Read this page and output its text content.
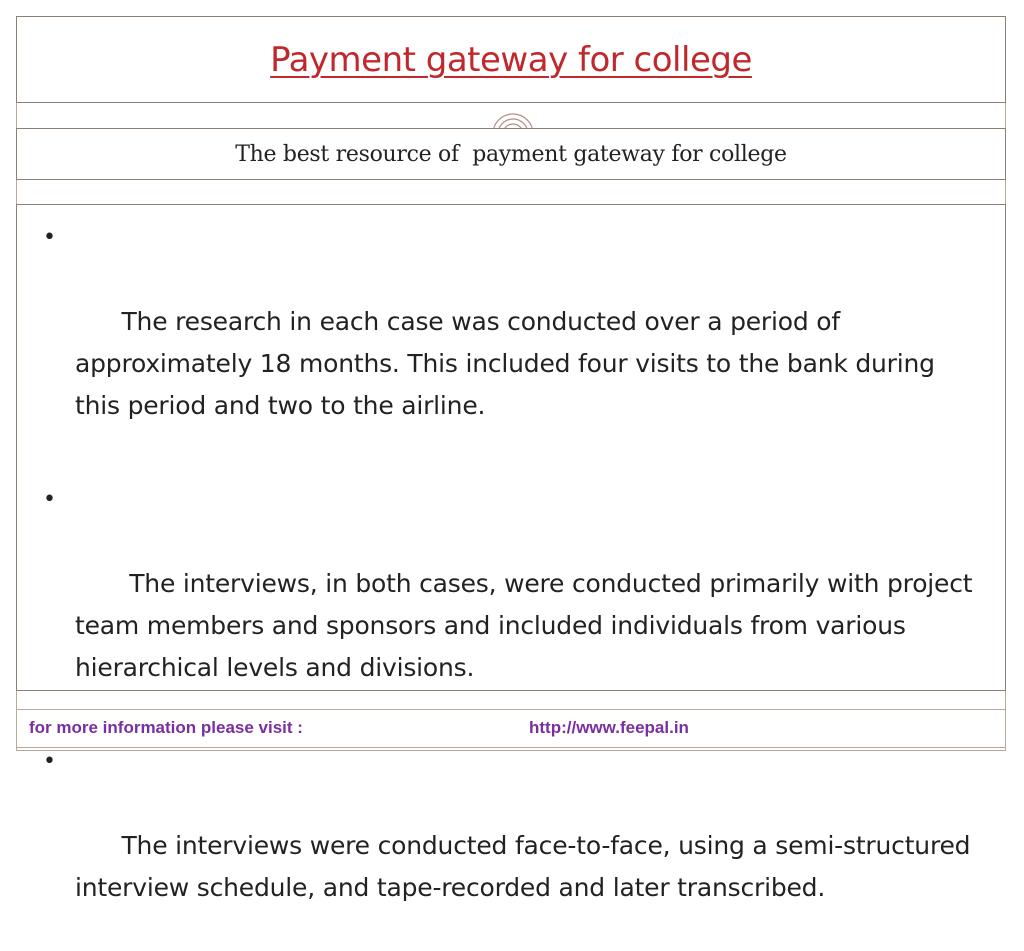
Payment gateway for college
The best resource of  payment gateway for college

•

The research in each case was conducted over a period of approximately 18 months. This included four visits to the bank during this period and two to the airline.

•

The interviews, in both cases, were conducted primarily with project team members and sponsors and included individuals from various hierarchical levels and divisions.

•

The interviews were conducted face-to-face, using a semi-structured interview schedule, and tape-recorded and later transcribed.

for more information please visit :	http://www.feepal.in
